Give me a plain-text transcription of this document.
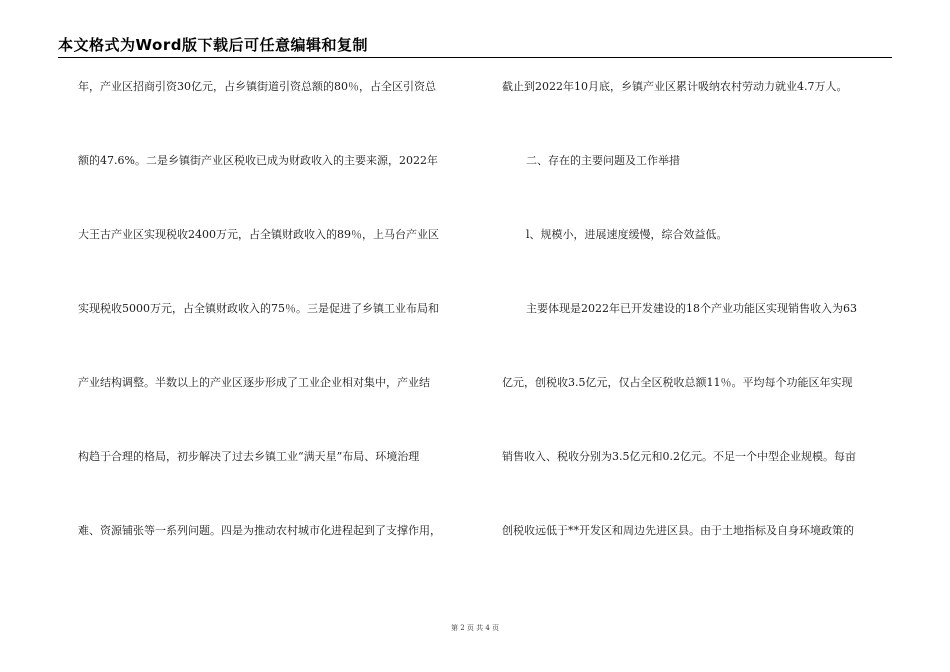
本文格式为Word版下载后可任意编辑和复制
年，产业区招商引资30亿元，占乡镇街道引资总额的80％，占全区引资总
额的47.6%。二是乡镇街产业区税收已成为财政收入的主要来源，2022年
大王古产业区实现税收2400万元，占全镇财政收入的89％，上马台产业区
实现税收5000万元，占全镇财政收入的75％。三是促进了乡镇工业布局和
产业结构调整。半数以上的产业区逐步形成了工业企业相对集中，产业结
构趋于合理的格局，初步解决了过去乡镇工业“满天星”布局、环境治理
难、资源铺张等一系列问题。四是为推动农村城市化进程起到了支撑作用，
截止到2022年10月底，乡镇产业区累计吸纳农村劳动力就业4.7万人。
二、存在的主要问题及工作举措
l、规模小，进展速度缓慢，综合效益低。
主要体现是2022年已开发建设的18个产业功能区实现销售收入为63
亿元，创税收3.5亿元，仅占全区税收总额11％。平均每个功能区年实现
销售收入、税收分别为3.5亿元和0.2亿元。不足一个中型企业规模。每亩
创税收远低于**开发区和周边先进区县。由于土地指标及自身环境政策的
第 2 页 共 4 页
